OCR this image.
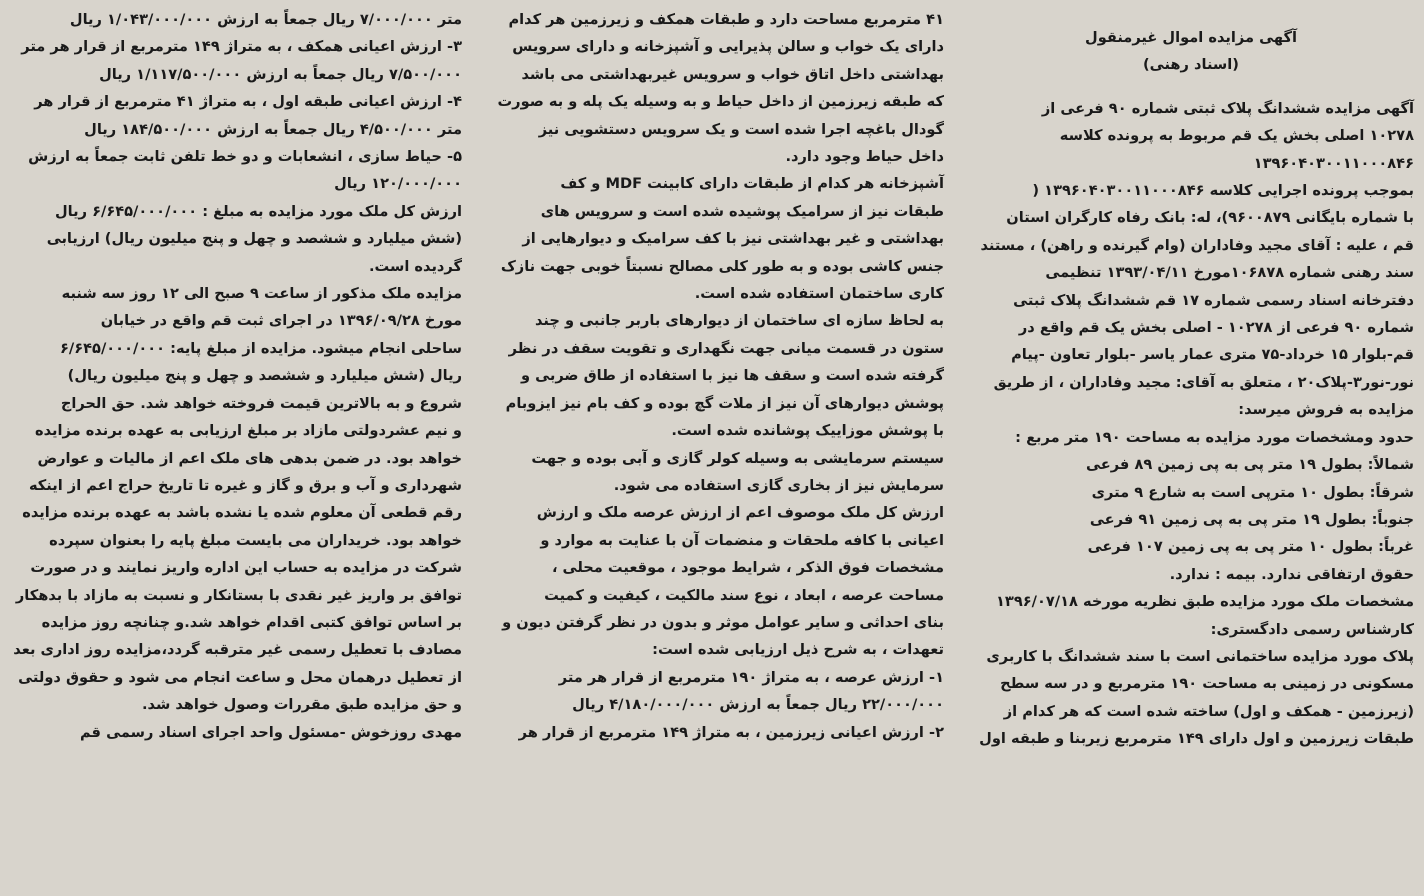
آگهی مزایده اموال غیرمنقول

(اسناد رهنی)

آگهی مزایده ششدانگ پلاک ثبتی شماره ۹۰ فرعی از

۱۰۲۷۸ اصلی بخش یک قم مربوط به پرونده کلاسه

۱۳۹۶۰۴۰۳۰۰۱۱۰۰۰۸۴۶

بموجب پرونده اجرایی کلاسه ۱۳۹۶۰۴۰۳۰۰۱۱۰۰۰۸۴۶ (

با شماره بایگانی ۹۶۰۰۸۷۹)، له: بانک رفاه کارگران استان

قم ، علیه : آقای مجید وفاداران (وام گیرنده و راهن) ، مستند

سند رهنی شماره ۱۰۶۸۷۸مورخ ۱۳۹۳/۰۴/۱۱ تنظیمی

دفترخانه اسناد رسمی شماره ۱۷ قم ششدانگ پلاک ثبتی

شماره ۹۰ فرعی از ۱۰۲۷۸ - اصلی بخش یک قم واقع در

قم-بلوار ۱۵ خرداد-۷۵ متری عمار یاسر -بلوار تعاون -پیام

نور-نور۳-پلاک۲۰ ، متعلق به آقای: مجید وفاداران ، از طریق

مزایده به فروش میرسد:

حدود ومشخصات مورد مزایده به مساحت ۱۹۰ متر مربع :

شمالاً: بطول ۱۹ متر پی به پی زمین ۸۹ فرعی

شرقاً: بطول ۱۰ مترپی است به شارع ۹ متری

جنوباً: بطول ۱۹ متر پی به پی زمین ۹۱ فرعی

غرباً: بطول ۱۰ متر پی به پی زمین ۱۰۷ فرعی

حقوق ارتفاقی ندارد. بیمه : ندارد.

مشخصات ملک مورد مزایده طبق نظریه مورخه ۱۳۹۶/۰۷/۱۸

کارشناس رسمی دادگستری:

پلاک مورد مزایده ساختمانی است با سند ششدانگ با کاربری

مسکونی در زمینی به مساحت ۱۹۰ مترمربع و در سه سطح

(زیرزمین - همکف و اول) ساخته شده است که هر کدام از

طبقات زیرزمین و اول دارای ۱۴۹ مترمربع زیربنا و طبقه اول

۴۱ مترمربع مساحت دارد و طبقات همکف و زیرزمین هر کدام

دارای یک خواب و سالن پذیرایی و آشپزخانه و دارای سرویس

بهداشتی داخل اتاق خواب و سرویس غیربهداشتی می باشد

که طبقه زیرزمین از داخل حیاط و به وسیله یک پله و به صورت

گودال باغچه اجرا شده است و یک سرویس دستشویی نیز

داخل حیاط وجود دارد.

آشپزخانه هر کدام از طبقات دارای کابینت MDF و کف

طبقات نیز از سرامیک پوشیده شده است و سرویس های

بهداشتی و غیر بهداشتی نیز با کف سرامیک و دیوارهایی از

جنس کاشی بوده و به طور کلی مصالح نسبتاً خوبی جهت نازک

کاری ساختمان استفاده شده است.

به لحاظ سازه ای ساختمان از دیوارهای باربر جانبی و چند

ستون در قسمت میانی جهت نگهداری و تقویت سقف در نظر

گرفته شده است و سقف ها نیز با استفاده از طاق ضربی و

پوشش دیوارهای آن نیز از ملات گچ بوده و کف بام نیز ایزوبام

با پوشش موزاییک پوشانده شده است.

سیستم سرمایشی به وسیله کولر گازی و آبی بوده و جهت

سرمایش نیز از بخاری گازی استفاده می شود.

ارزش کل ملک موصوف اعم از ارزش عرصه ملک و ارزش

اعیانی با کافه ملحقات و منضمات آن با عنایت به موارد و

مشخصات فوق الذکر ، شرایط موجود ، موقعیت محلی ،

مساحت عرصه ، ابعاد ، نوع سند مالکیت ، کیفیت و کمیت

بنای احداثی و سایر عوامل موثر و بدون در نظر گرفتن دیون و

تعهدات ، به شرح ذیل ارزیابی شده است:

۱- ارزش عرصه ، به متراژ ۱۹۰ مترمربع از قرار هر متر

۲۲/۰۰۰/۰۰۰ ریال جمعاً به ارزش ۴/۱۸۰/۰۰۰/۰۰۰ ریال

۲- ارزش اعیانی زیرزمین ، به متراژ ۱۴۹ مترمربع از قرار هر

متر ۷/۰۰۰/۰۰۰ ریال جمعاً به ارزش ۱/۰۴۳/۰۰۰/۰۰۰ ریال

۳- ارزش اعیانی همکف ، به متراژ ۱۴۹ مترمربع از قرار هر متر

۷/۵۰۰/۰۰۰ ریال جمعاً به ارزش ۱/۱۱۷/۵۰۰/۰۰۰ ریال

۴- ارزش اعیانی طبقه اول ، به متراژ ۴۱ مترمربع از قرار هر

متر ۴/۵۰۰/۰۰۰ ریال جمعاً به ارزش ۱۸۴/۵۰۰/۰۰۰ ریال

۵- حیاط سازی ، انشعابات و دو خط تلفن ثابت جمعاً به ارزش

۱۲۰/۰۰۰/۰۰۰ ریال

ارزش کل ملک مورد مزایده به مبلغ : ۶/۶۴۵/۰۰۰/۰۰۰ ریال

(شش میلیارد و ششصد و چهل و پنج میلیون ریال) ارزیابی

گردیده است.

مزایده ملک مذکور از ساعت ۹ صبح الی ۱۲ روز سه شنبه

مورخ ۱۳۹۶/۰۹/۲۸ در اجرای ثبت قم واقع در خیابان

ساحلی انجام میشود. مزایده از مبلغ پایه: ۶/۶۴۵/۰۰۰/۰۰۰

ریال (شش میلیارد و ششصد و چهل و پنج میلیون ریال)

شروع و به بالاترین قیمت فروخته خواهد شد. حق الحراج

و نیم عشردولتی مازاد بر مبلغ ارزیابی به عهده برنده مزایده

خواهد بود. در ضمن بدهی های ملک اعم از مالیات و عوارض

شهرداری و آب و برق و گاز و غیره تا تاریخ حراج اعم از اینکه

رقم قطعی آن معلوم شده یا نشده باشد به عهده برنده مزایده

خواهد بود. خریداران می بایست مبلغ پایه را بعنوان سپرده

شرکت در مزایده به حساب این اداره واریز نمایند و در صورت

توافق بر واریز غیر نقدی با بستانکار و نسبت به مازاد با بدهکار

بر اساس توافق کتبی اقدام خواهد شد.و چنانچه روز مزایده

مصادف با تعطیل رسمی غیر مترقبه گردد،مزایده روز اداری بعد

از تعطیل درهمان محل و ساعت انجام می شود و حقوق دولتی

و حق مزایده طبق مقررات وصول خواهد شد.

مهدی روزخوش -مسئول واحد اجرای اسناد رسمی قم
